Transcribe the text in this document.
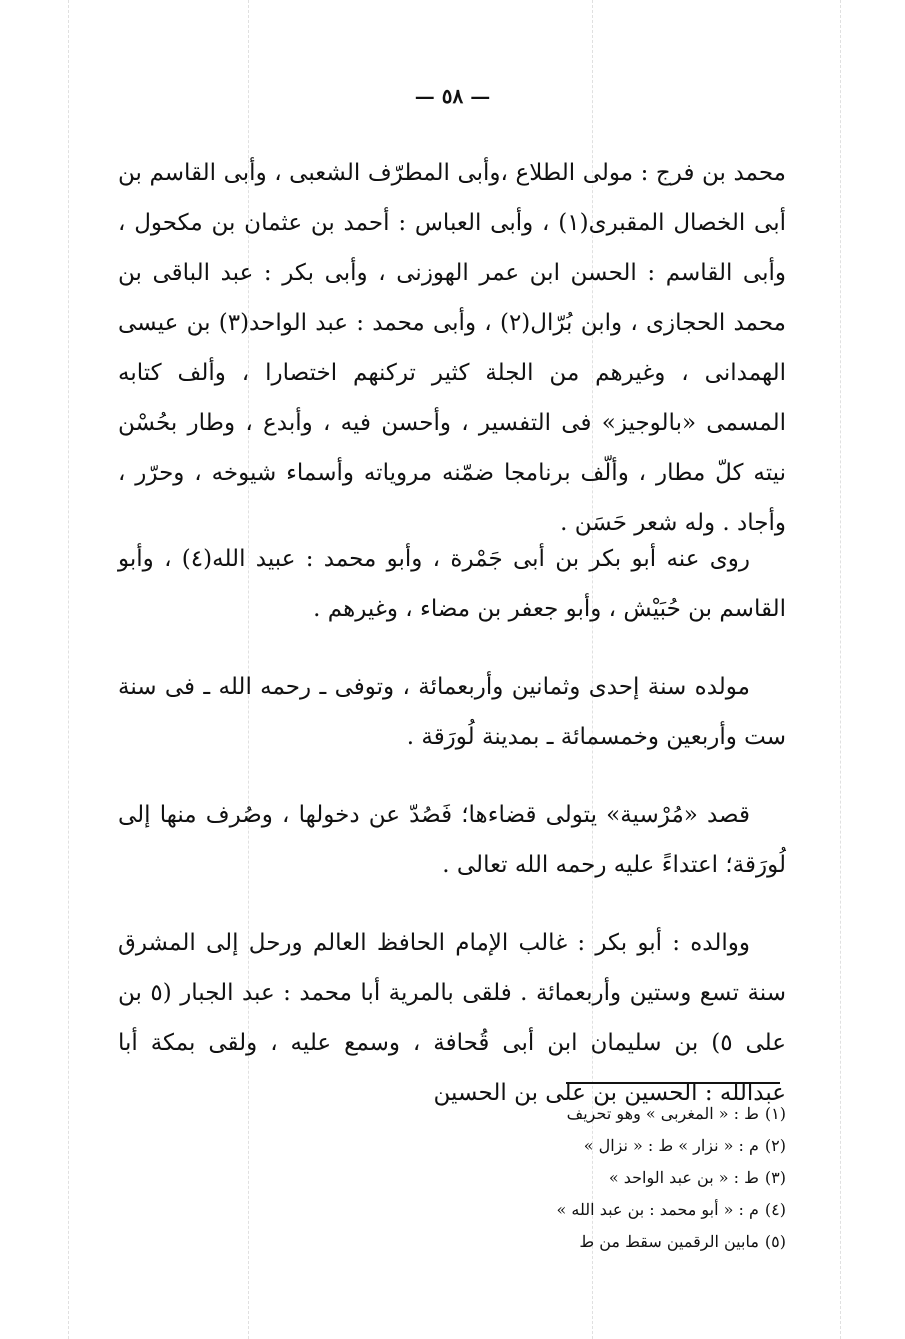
— ٥٨ —

محمد بن فرج : مولى الطلاع ،وأبى المطرّف الشعبى ، وأبى القاسم بن أبى الخصال المقبرى(١) ، وأبى العباس : أحمد بن عثمان بن مكحول ، وأبى القاسم : الحسن ابن عمر الهوزنى ، وأبى بكر : عبد الباقى بن محمد الحجازى ، وابن بُرّال(٢) ، وأبى محمد : عبد الواحد(٣) بن عيسى الهمدانى ، وغيرهم من الجلة كثير تركنهم اختصارا ، وألف كتابه المسمى «بالوجيز» فى التفسير ، وأحسن فيه ، وأبدع ، وطار بحُسْن نيته كلّ مطار ، وألّف برنامجا ضمّنه مروياته وأسماء شيوخه ، وحرّر ، وأجاد . وله شعر حَسَن .

روى عنه أبو بكر بن أبى جَمْرة ، وأبو محمد : عبيد الله(٤) ، وأبو القاسم بن حُبَيْش ، وأبو جعفر بن مضاء ، وغيرهم .

مولده سنة إحدى وثمانين وأربعمائة ، وتوفى ـ رحمه الله ـ فى سنة ست وأربعين وخمسمائة ـ بمدينة لُورَقة .

قصد «مُرْسية» يتولى قضاءها؛ فَصُدّ عن دخولها ، وصُرف منها إلى لُورَقة؛ اعتداءً عليه رحمه الله تعالى .

ووالده : أبو بكر : غالب الإمام الحافظ العالم ورحل إلى المشرق سنة تسع وستين وأربعمائة . فلقى بالمرية أبا محمد : عبد الجبار (٥ بن على ٥) بن سليمان ابن أبى قُحافة ، وسمع عليه ، ولقى بمكة أبا عبدالله : الحسين بن على بن الحسين

(١)ط : « المغربى » وهو تحريف
(٢)م : « نزار » ط : « نزال »
(٣)ط : « بن عبد الواحد »
(٤)م : « أبو محمد : بن عبد الله »
(٥)مابين الرقمين سقط من ط
